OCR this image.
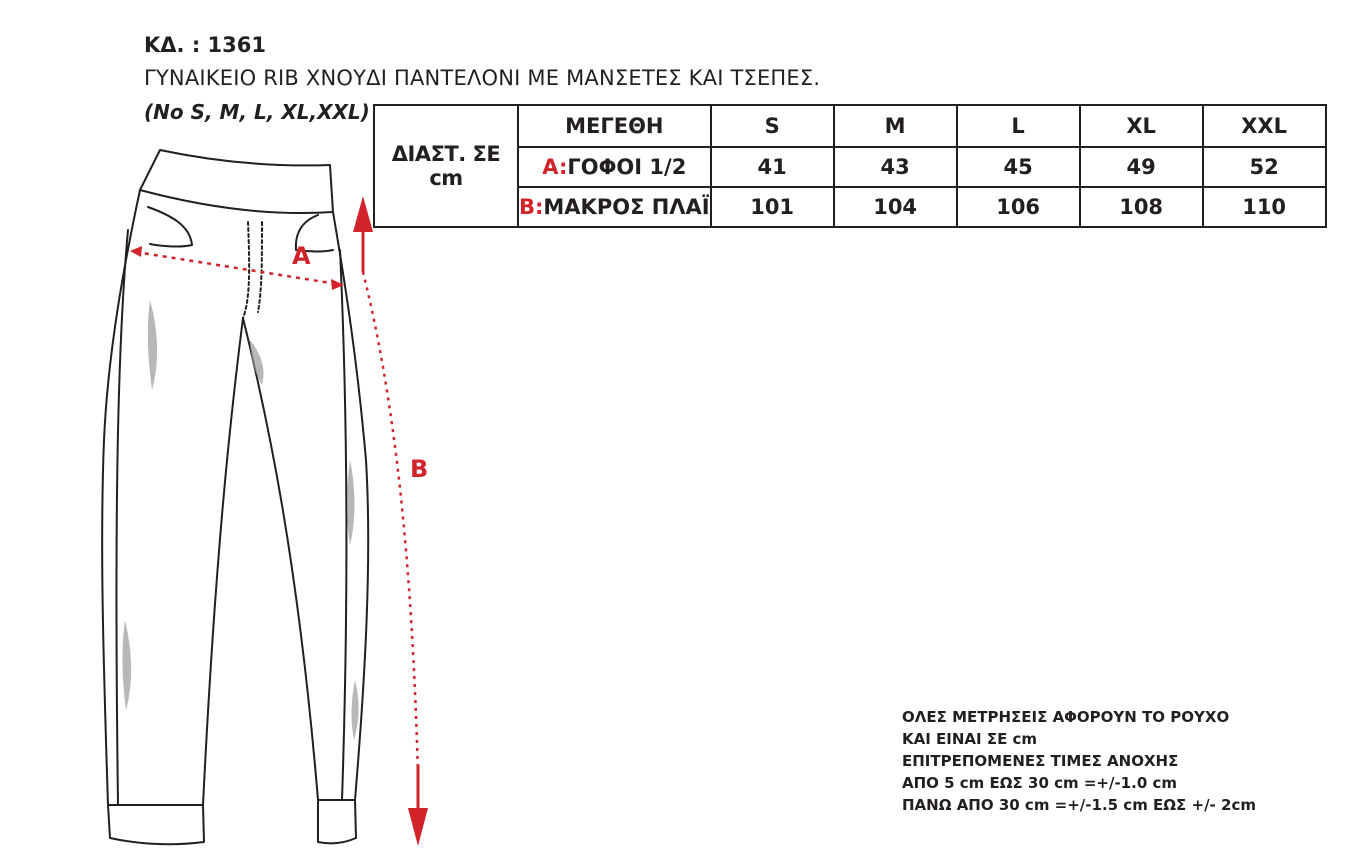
ΚΔ. : 1361
ΓΥΝΑΙΚΕΙΟ RIB ΧΝΟΥΔΙ ΠΑΝΤΕΛΟΝΙ ΜΕ ΜΑΝΣΕΤΕΣ ΚΑΙ ΤΣΕΠΕΣ.
(No S, M, L, XL,XXL)
ΔΙΑΣΤ. ΣΕ cm	ΜΕΓΕΘΗ	S	M	L	XL	XXL
	A:ΓΟΦΟΙ 1/2	41	43	45	49	52
	B:ΜΑΚΡΟΣ ΠΛΑΪ	101	104	106	108	110
A
B
ΟΛΕΣ ΜΕΤΡΗΣΕΙΣ ΑΦΟΡΟΥΝ ΤΟ ΡΟΥΧΟ
ΚΑΙ ΕΙΝΑΙ ΣΕ cm
ΕΠΙΤΡΕΠΟΜΕΝΕΣ ΤΙΜΕΣ ΑΝΟΧΗΣ
ΑΠΟ 5 cm ΕΩΣ 30 cm =+/-1.0 cm
ΠΑΝΩ ΑΠΟ 30 cm =+/-1.5 cm ΕΩΣ +/- 2cm
